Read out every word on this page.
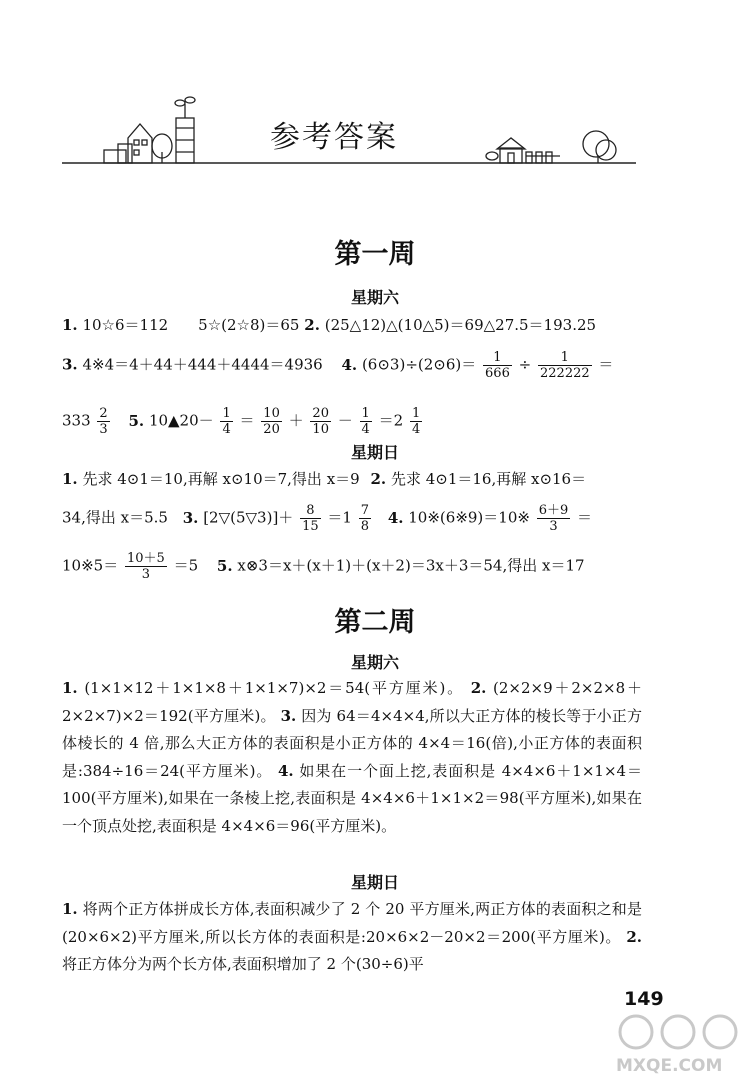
参考答案
第一周
星期六
1. 10☆6＝112　　5☆(2☆8)＝65 2. (25△12)△(10△5)＝69△27.5＝193.25
3. 4※4＝4＋44＋444＋4444＝4936 4. (6⊙3)÷(2⊙6)＝ $\frac{1}{666} \div \frac{1}{222222}$ ＝
$333 \frac{2}{3} 5$. 10▲20－ $\frac{1}{4} = \frac{10}{20} + \frac{20}{10} - \frac{1}{4} =2 \frac{1}{4}$
星期日
1. 先求 4⊙1＝10,再解 x⊙10＝7,得出 x＝9 2. 先求 4⊙1＝16,再解 x⊙16＝
34,得出 x＝5.5 3. [2▽(5▽3)]＋ $\frac{8}{15} =1 \frac{7}{8} 4$. 10※(6※9)＝10※ $\frac{6+9}{3}$ ＝
10※5＝ $\frac{10+5}{3} =5$ 5. x⊗3＝x＋(x＋1)＋(x＋2)＝3x＋3＝54,得出 x＝17
第二周
星期六
1. (1×1×12＋1×1×8＋1×1×7)×2＝54(平方厘米)。 2. (2×2×9＋2×2×8＋2×2×7)×2＝192(平方厘米)。 3. 因为 64＝4×4×4,所以大正方体的棱长等于小正方体棱长的 4 倍,那么大正方体的表面积是小正方体的 4×4＝16(倍),小正方体的表面积是:384÷16＝24(平方厘米)。 4. 如果在一个面上挖,表面积是 4×4×6＋1×1×4＝100(平方厘米),如果在一条棱上挖,表面积是 4×4×6＋1×1×2＝98(平方厘米),如果在一个顶点处挖,表面积是 4×4×6＝96(平方厘米)。
星期日
1. 将两个正方体拼成长方体,表面积减少了 2 个 20 平方厘米,两正方体的表面积之和是(20×6×2)平方厘米,所以长方体的表面积是:20×6×2－20×2＝200(平方厘米)。 2. 将正方体分为两个长方体,表面积增加了 2 个(30÷6)平
149
MXQE.COM
